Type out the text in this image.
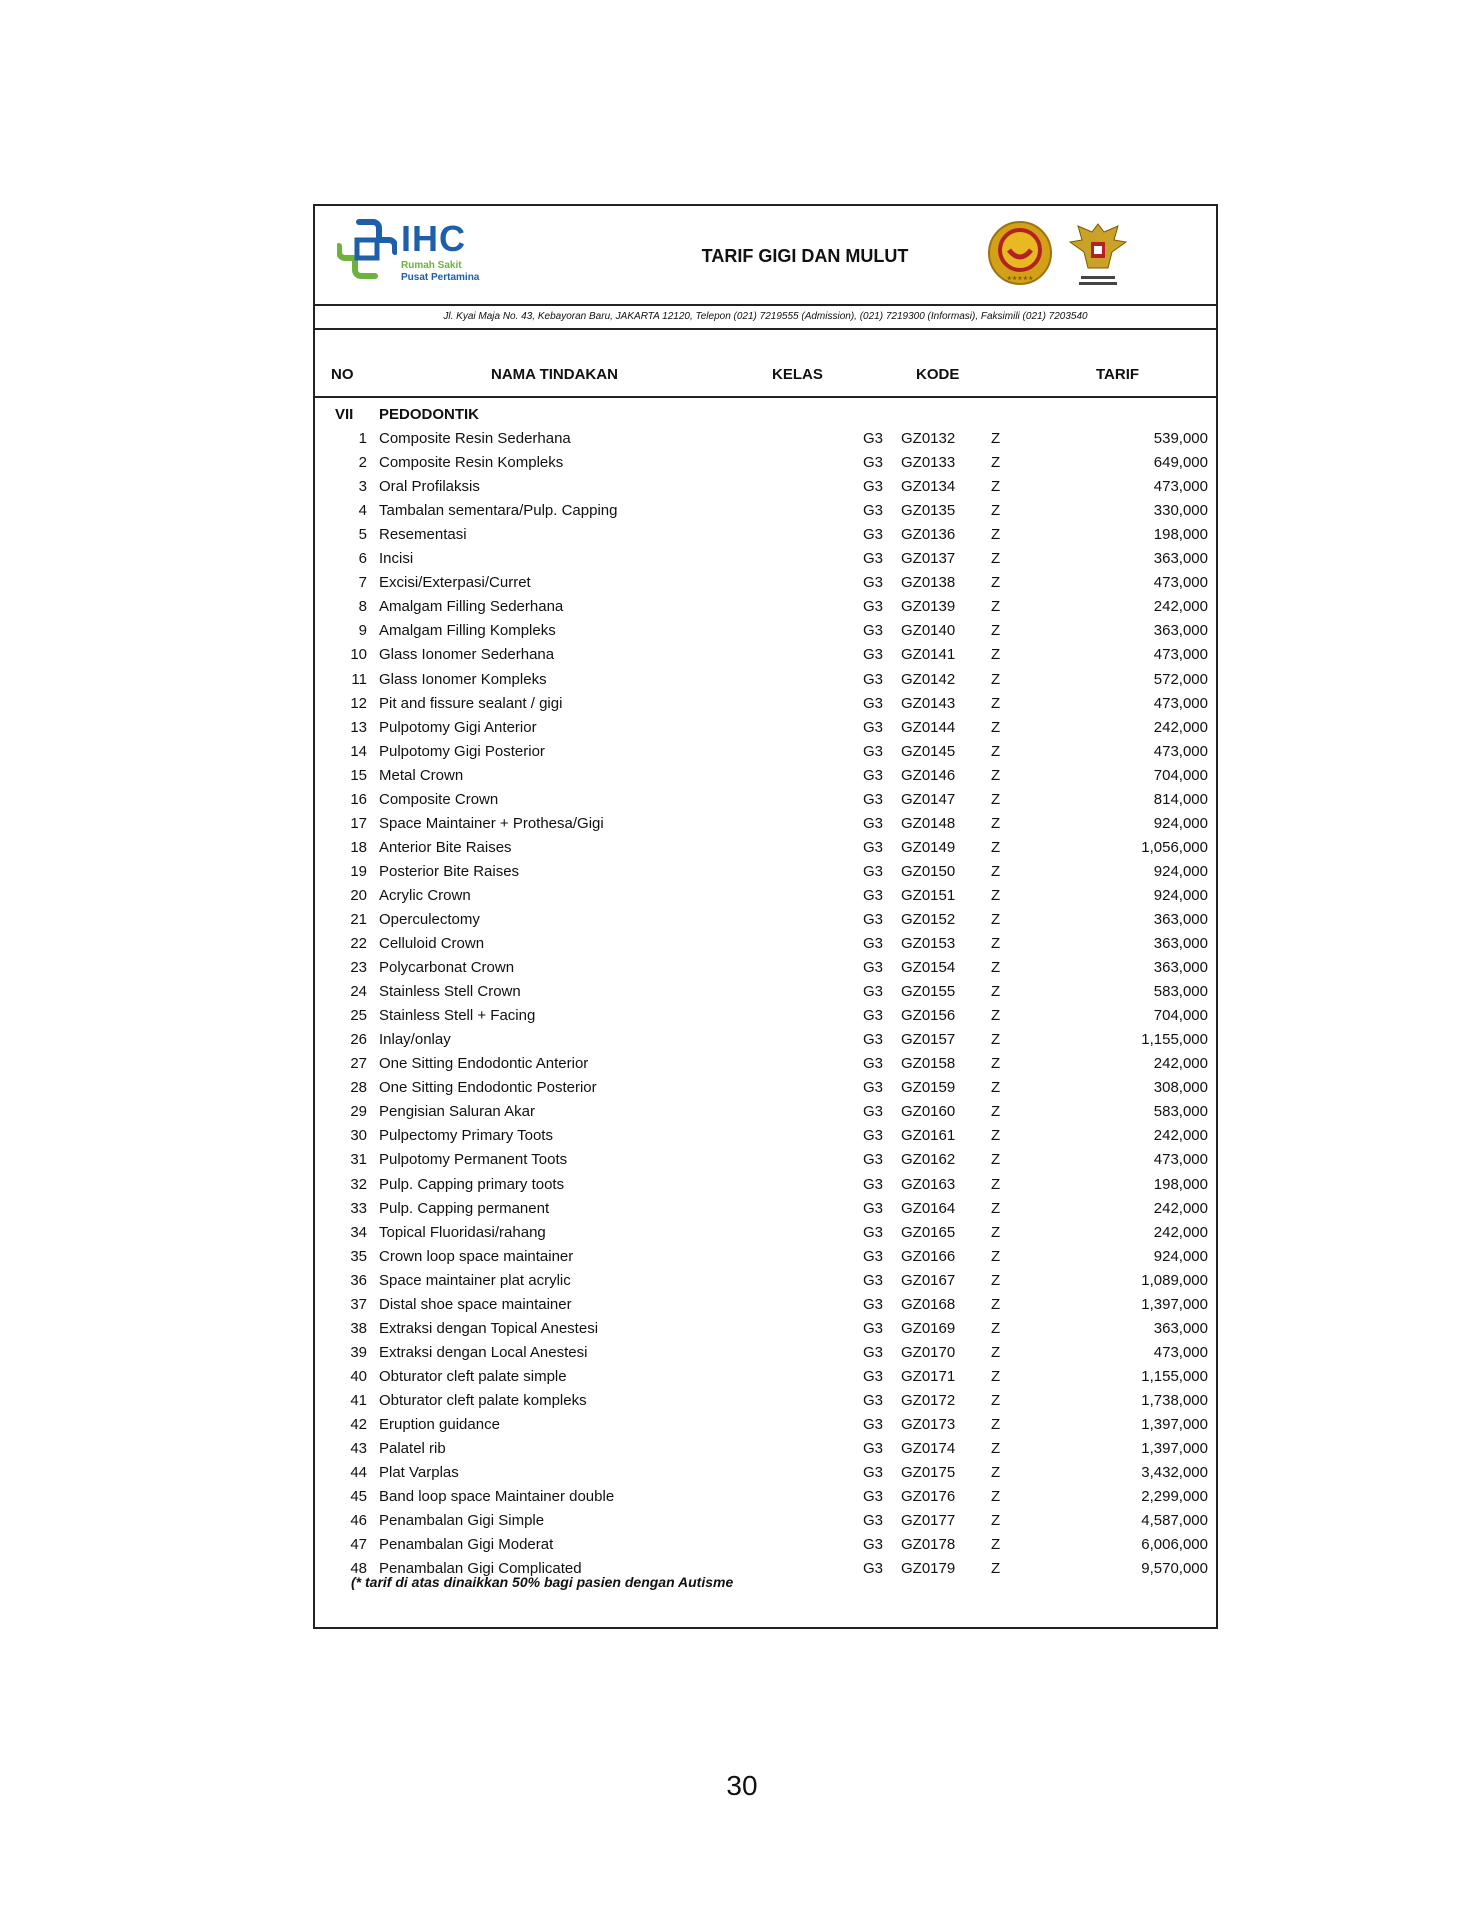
IHC
Rumah Sakit
Pusat Pertamina
TARIF GIGI DAN MULUT
★★★★★
Jl. Kyai Maja No. 43, Kebayoran Baru, JAKARTA 12120, Telepon (021) 7219555 (Admission), (021) 7219300 (Informasi), Faksimili (021) 7203540
NO	NAMA TINDAKAN	KELAS	KODE	TARIF
VII PEDODONTIK
1 Composite Resin Sederhana	G3 GZ0132 Z	539,000
2 Composite Resin Kompleks	G3 GZ0133 Z	649,000
3 Oral Profilaksis	G3 GZ0134 Z	473,000
4 Tambalan sementara/Pulp. Capping	G3 GZ0135 Z	330,000
5 Resementasi	G3 GZ0136 Z	198,000
6 Incisi	G3 GZ0137 Z	363,000
7 Excisi/Exterpasi/Curret	G3 GZ0138 Z	473,000
8 Amalgam Filling Sederhana	G3 GZ0139 Z	242,000
9 Amalgam Filling Kompleks	G3 GZ0140 Z	363,000
10 Glass Ionomer Sederhana	G3 GZ0141 Z	473,000
11 Glass Ionomer Kompleks	G3 GZ0142 Z	572,000
12 Pit and fissure sealant / gigi	G3 GZ0143 Z	473,000
13 Pulpotomy Gigi Anterior	G3 GZ0144 Z	242,000
14 Pulpotomy Gigi Posterior	G3 GZ0145 Z	473,000
15 Metal Crown	G3 GZ0146 Z	704,000
16 Composite Crown	G3 GZ0147 Z	814,000
17 Space Maintainer + Prothesa/Gigi	G3 GZ0148 Z	924,000
18 Anterior Bite Raises	G3 GZ0149 Z	1,056,000
19 Posterior Bite Raises	G3 GZ0150 Z	924,000
20 Acrylic Crown	G3 GZ0151 Z	924,000
21 Operculectomy	G3 GZ0152 Z	363,000
22 Celluloid Crown	G3 GZ0153 Z	363,000
23 Polycarbonat Crown	G3 GZ0154 Z	363,000
24 Stainless Stell Crown	G3 GZ0155 Z	583,000
25 Stainless Stell + Facing	G3 GZ0156 Z	704,000
26 Inlay/onlay	G3 GZ0157 Z	1,155,000
27 One Sitting Endodontic Anterior	G3 GZ0158 Z	242,000
28 One Sitting Endodontic Posterior	G3 GZ0159 Z	308,000
29 Pengisian Saluran Akar	G3 GZ0160 Z	583,000
30 Pulpectomy Primary Toots	G3 GZ0161 Z	242,000
31 Pulpotomy Permanent Toots	G3 GZ0162 Z	473,000
32 Pulp. Capping primary toots	G3 GZ0163 Z	198,000
33 Pulp. Capping permanent	G3 GZ0164 Z	242,000
34 Topical Fluoridasi/rahang	G3 GZ0165 Z	242,000
35 Crown loop space maintainer	G3 GZ0166 Z	924,000
36 Space maintainer plat acrylic	G3 GZ0167 Z	1,089,000
37 Distal shoe space maintainer	G3 GZ0168 Z	1,397,000
38 Extraksi dengan Topical Anestesi	G3 GZ0169 Z	363,000
39 Extraksi dengan Local Anestesi	G3 GZ0170 Z	473,000
40 Obturator cleft palate simple	G3 GZ0171 Z	1,155,000
41 Obturator cleft palate kompleks	G3 GZ0172 Z	1,738,000
42 Eruption guidance	G3 GZ0173 Z	1,397,000
43 Palatel rib	G3 GZ0174 Z	1,397,000
44 Plat Varplas	G3 GZ0175 Z	3,432,000
45 Band loop space Maintainer double	G3 GZ0176 Z	2,299,000
46 Penambalan Gigi Simple	G3 GZ0177 Z	4,587,000
47 Penambalan Gigi Moderat	G3 GZ0178 Z	6,006,000
48 Penambalan Gigi Complicated	G3 GZ0179 Z	9,570,000
(* tarif di atas dinaikkan 50% bagi pasien dengan Autisme
30
